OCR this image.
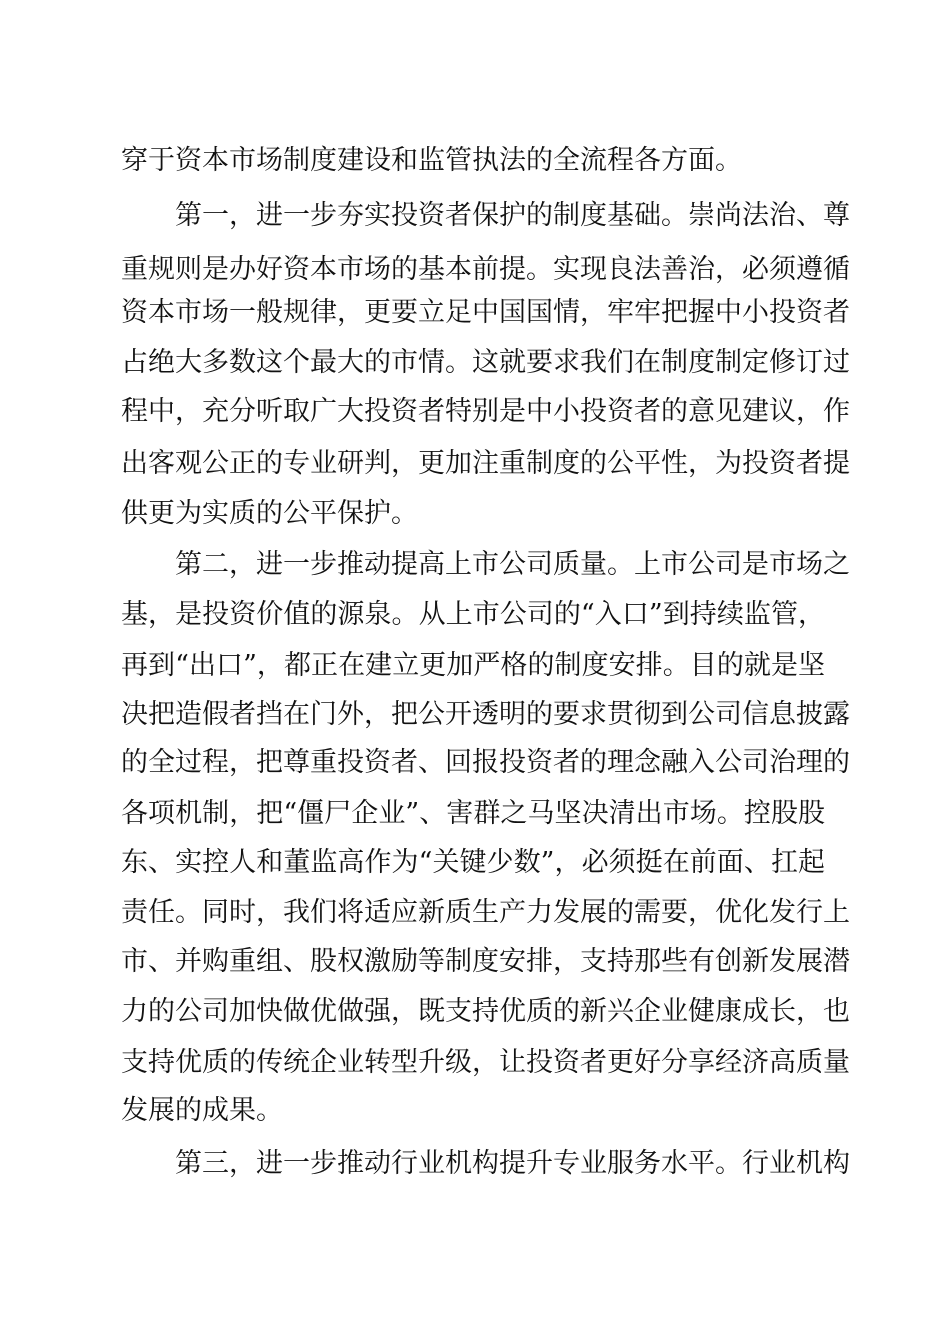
穿于资本市场制度建设和监管执法的全流程各方面。
第一，进一步夯实投资者保护的制度基础。崇尚法治、尊
重规则是办好资本市场的基本前提。实现良法善治，必须遵循
资本市场一般规律，更要立足中国国情，牢牢把握中小投资者
占绝大多数这个最大的市情。这就要求我们在制度制定修订过
程中，充分听取广大投资者特别是中小投资者的意见建议，作
出客观公正的专业研判，更加注重制度的公平性，为投资者提
供更为实质的公平保护。
第二，进一步推动提高上市公司质量。上市公司是市场之
基，是投资价值的源泉。从上市公司的“入口”到持续监管，
再到“出口”，都正在建立更加严格的制度安排。目的就是坚
决把造假者挡在门外，把公开透明的要求贯彻到公司信息披露
的全过程，把尊重投资者、回报投资者的理念融入公司治理的
各项机制，把“僵尸企业”、害群之马坚决清出市场。控股股
东、实控人和董监高作为“关键少数”，必须挺在前面、扛起
责任。同时，我们将适应新质生产力发展的需要，优化发行上
市、并购重组、股权激励等制度安排，支持那些有创新发展潜
力的公司加快做优做强，既支持优质的新兴企业健康成长，也
支持优质的传统企业转型升级，让投资者更好分享经济高质量
发展的成果。
第三，进一步推动行业机构提升专业服务水平。行业机构
